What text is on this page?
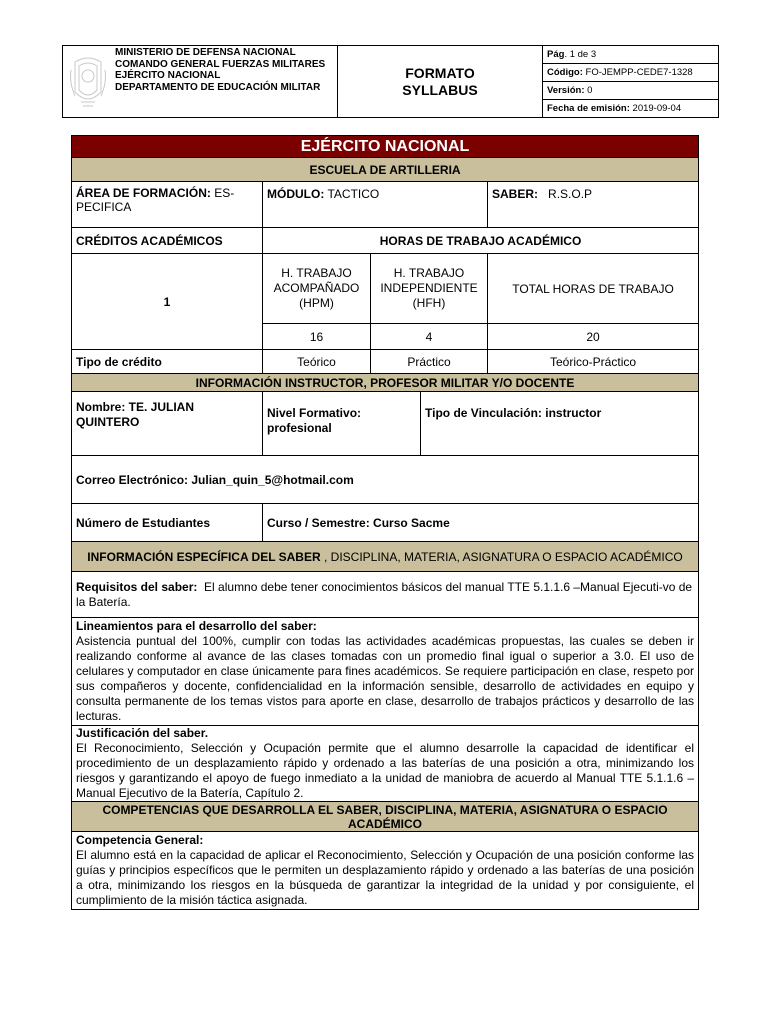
MINISTERIO DE DEFENSA NACIONAL
COMANDO GENERAL FUERZAS MILITARES
EJÉRCITO NACIONAL
DEPARTAMENTO DE EDUCACIÓN MILITAR

FORMATO
SYLLABUS
	Pág. 1 de 3
Código: FO-JEMPP-CEDE7-1328
Versión: 0
Fecha de emisión: 2019-09-04
EJÉRCITO NACIONAL				
ESCUELA DE ARTILLERIA				
ÁREA DE FORMACIÓN: ES-PECIFICA	MÓDULO: TACTICO			SABER: R.S.O.P
CRÉDITOS ACADÉMICOS	HORAS DE TRABAJO ACADÉMICO			
1	H. TRABAJO ACOMPAÑADO (HPM)	H. TRABAJO INDEPENDIENTE (HFH)		TOTAL HORAS DE TRABAJO
	16	4		20
Tipo de crédito	Teórico	Práctico		Teórico-Práctico
INFORMACIÓN INSTRUCTOR, PROFESOR MILITAR Y/O DOCENTE				
Nombre: TE. JULIAN QUINTERO	Nivel Formativo: profesional		Tipo de Vinculación: instructor	
Correo Electrónico: Julian_quin_5@hotmail.com				
Número de Estudiantes	Curso / Semestre: Curso Sacme			
INFORMACIÓN ESPECÍFICA DEL SABER , DISCIPLINA, MATERIA, ASIGNATURA O ESPACIO ACADÉMICO				
Requisitos del saber: El alumno debe tener conocimientos básicos del manual TTE 5.1.1.6 –Manual Ejecuti-vo de la Batería.				

Lineamientos para el desarrollo del saber:
Asistencia puntual del 100%, cumplir con todas las actividades académicas propuestas, las cuales se deben ir realizando conforme al avance de las clases tomadas con un promedio final igual o superior a 3.0. El uso de celulares y computador en clase únicamente para fines académicos. Se requiere participación en clase, respeto por sus compañeros y docente, confidencialidad en la información sensible, desarrollo de actividades en equipo y consulta permanente de los temas vistos para aporte en clase, desarrollo de trabajos prácticos y desarrollo de las lecturas.				

Justificación del saber.
El Reconocimiento, Selección y Ocupación permite que el alumno desarrolle la capacidad de identificar el procedimiento de un desplazamiento rápido y ordenado a las baterías de una posición a otra, minimizando los riesgos y garantizando el apoyo de fuego inmediato a la unidad de maniobra de acuerdo al Manual TTE 5.1.1.6 –Manual Ejecutivo de la Batería, Capítulo 2.				

COMPETENCIAS QUE DESARROLLA EL SABER, DISCIPLINA, MATERIA, ASIGNATURA O ESPACIO ACADÉMICO				

Competencia General:
El alumno está en la capacidad de aplicar el Reconocimiento, Selección y Ocupación de una posición conforme las guías y principios específicos que le permiten un desplazamiento rápido y ordenado a las baterías de una posición a otra, minimizando los riesgos en la búsqueda de garantizar la integridad de la unidad y por consiguiente, el cumplimiento de la misión táctica asignada.				
